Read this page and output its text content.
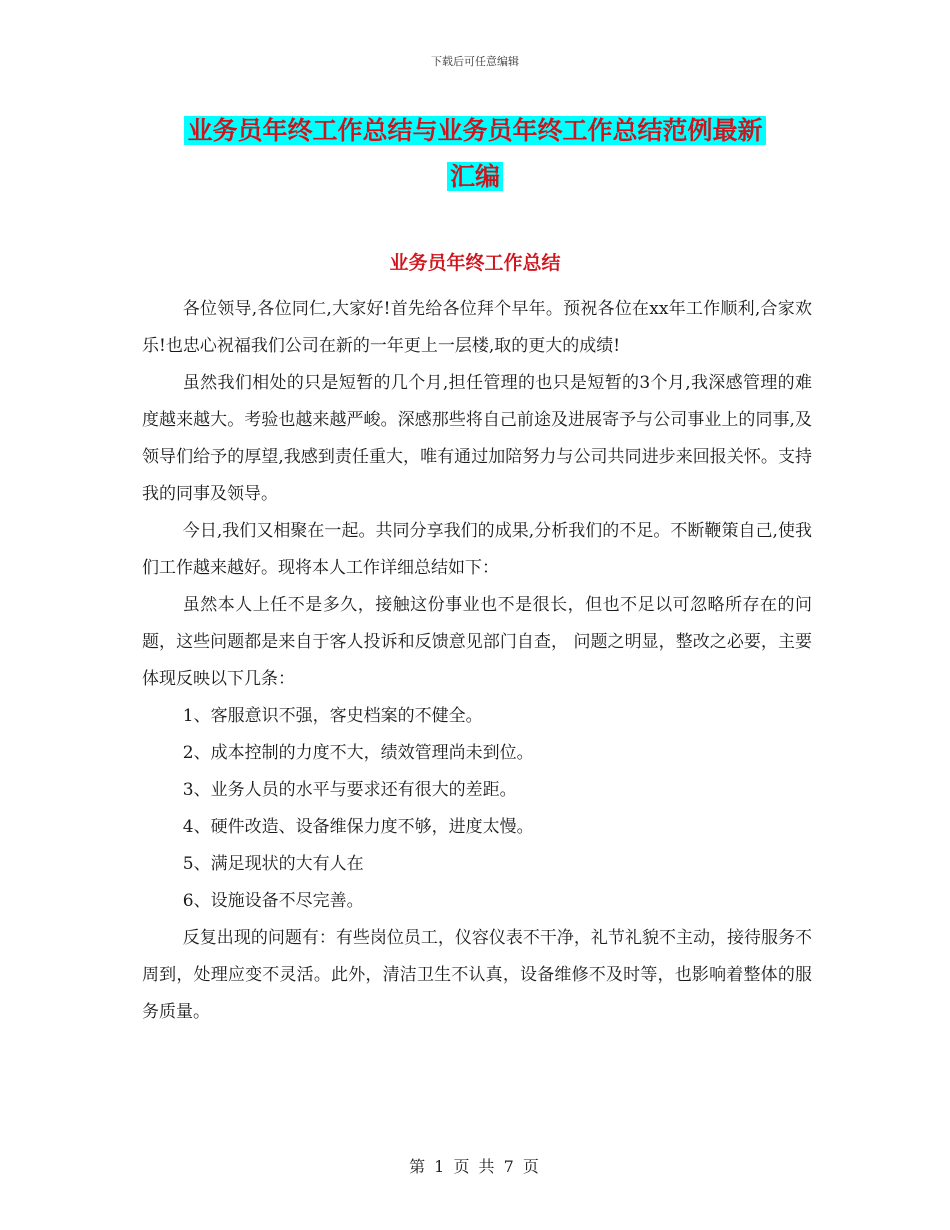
下载后可任意编辑
业务员年终工作总结与业务员年终工作总结范例最新
汇编
业务员年终工作总结

各位领导,各位同仁,大家好!首先给各位拜个早年。预祝各位在xx年工作顺利,合家欢乐!也忠心祝福我们公司在新的一年更上一层楼,取的更大的成绩!

虽然我们相处的只是短暂的几个月,担任管理的也只是短暂的3个月,我深感管理的难度越来越大。考验也越来越严峻。深感那些将自己前途及进展寄予与公司事业上的同事,及领导们给予的厚望,我感到责任重大，唯有通过加陪努力与公司共同进步来回报关怀。支持我的同事及领导。

今日,我们又相聚在一起。共同分享我们的成果,分析我们的不足。不断鞭策自己,使我们工作越来越好。现将本人工作详细总结如下：

虽然本人上任不是多久，接触这份事业也不是很长，但也不足以可忽略所存在的问题，这些问题都是来自于客人投诉和反馈意见部门自查， 问题之明显，整改之必要，主要体现反映以下几条：

1、客服意识不强，客史档案的不健全。

2、成本控制的力度不大，绩效管理尚未到位。

3、业务人员的水平与要求还有很大的差距。

4、硬件改造、设备维保力度不够，进度太慢。

5、满足现状的大有人在

6、设施设备不尽完善。

反复出现的问题有：有些岗位员工，仪容仪表不干净，礼节礼貌不主动，接待服务不周到，处理应变不灵活。此外，清洁卫生不认真，设备维修不及时等，也影响着整体的服务质量。

第 1 页 共 7 页
